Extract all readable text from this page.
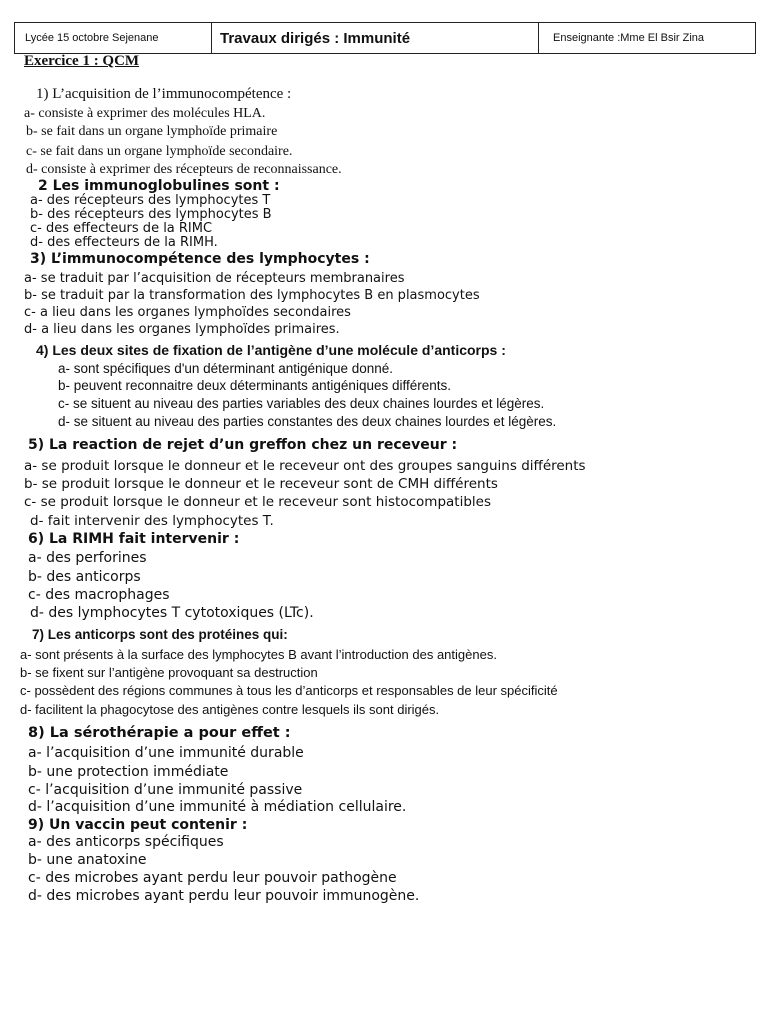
Lycée 15 octobre Sejenane	Travaux dirigés : Immunité	Enseignante :Mme El Bsir Zina
Exercice 1 : QCM
1) L’acquisition de l’immunocompétence :
a- consiste à exprimer des molécules HLA.
b- se fait dans un organe lymphoïde primaire
c- se fait dans un organe lymphoïde secondaire.
d- consiste à exprimer des récepteurs de reconnaissance.
2 Les immunoglobulines sont :
a- des récepteurs des lymphocytes T
b- des récepteurs des lymphocytes B
c- des effecteurs de la RIMC
d- des effecteurs de la RIMH.
3) L’immunocompétence des lymphocytes :
a- se traduit par l’acquisition de récepteurs membranaires
b- se traduit par la transformation des lymphocytes B en plasmocytes
c- a lieu dans les organes lymphoïdes secondaires
d- a lieu dans les organes lymphoïdes primaires.
4) Les deux sites de fixation de l’antigène d’une molécule d’anticorps :
a- sont spécifiques d'un déterminant antigénique donné.
b- peuvent reconnaitre deux déterminants antigéniques différents.
c- se situent au niveau des parties variables des deux chaines lourdes et légères.
d- se situent au niveau des parties constantes des deux chaines lourdes et légères.
5) La reaction de rejet d’un greffon chez un receveur :
a- se produit lorsque le donneur et le receveur ont des groupes sanguins différents
b- se produit lorsque le donneur et le receveur sont de CMH différents
c- se produit lorsque le donneur et le receveur sont histocompatibles
d- fait intervenir des lymphocytes T.
6) La RIMH fait intervenir :
a- des perforines
b- des anticorps
c- des macrophages
d- des lymphocytes T cytotoxiques (LTc).
7) Les anticorps sont des protéines qui:
a- sont présents à la surface des lymphocytes B avant l’introduction des antigènes.
b- se fixent sur l’antigène provoquant sa destruction
c- possèdent des régions communes à tous les d’anticorps et responsables de leur spécificité
d- facilitent la phagocytose des antigènes contre lesquels ils sont dirigés.
8) La sérothérapie a pour effet :
a- l’acquisition d’une immunité durable
b- une protection immédiate
c- l’acquisition d’une immunité passive
d- l’acquisition d’une immunité à médiation cellulaire.
9) Un vaccin peut contenir :
a- des anticorps spécifiques
b- une anatoxine
c- des microbes ayant perdu leur pouvoir pathogène
d- des microbes ayant perdu leur pouvoir immunogène.
